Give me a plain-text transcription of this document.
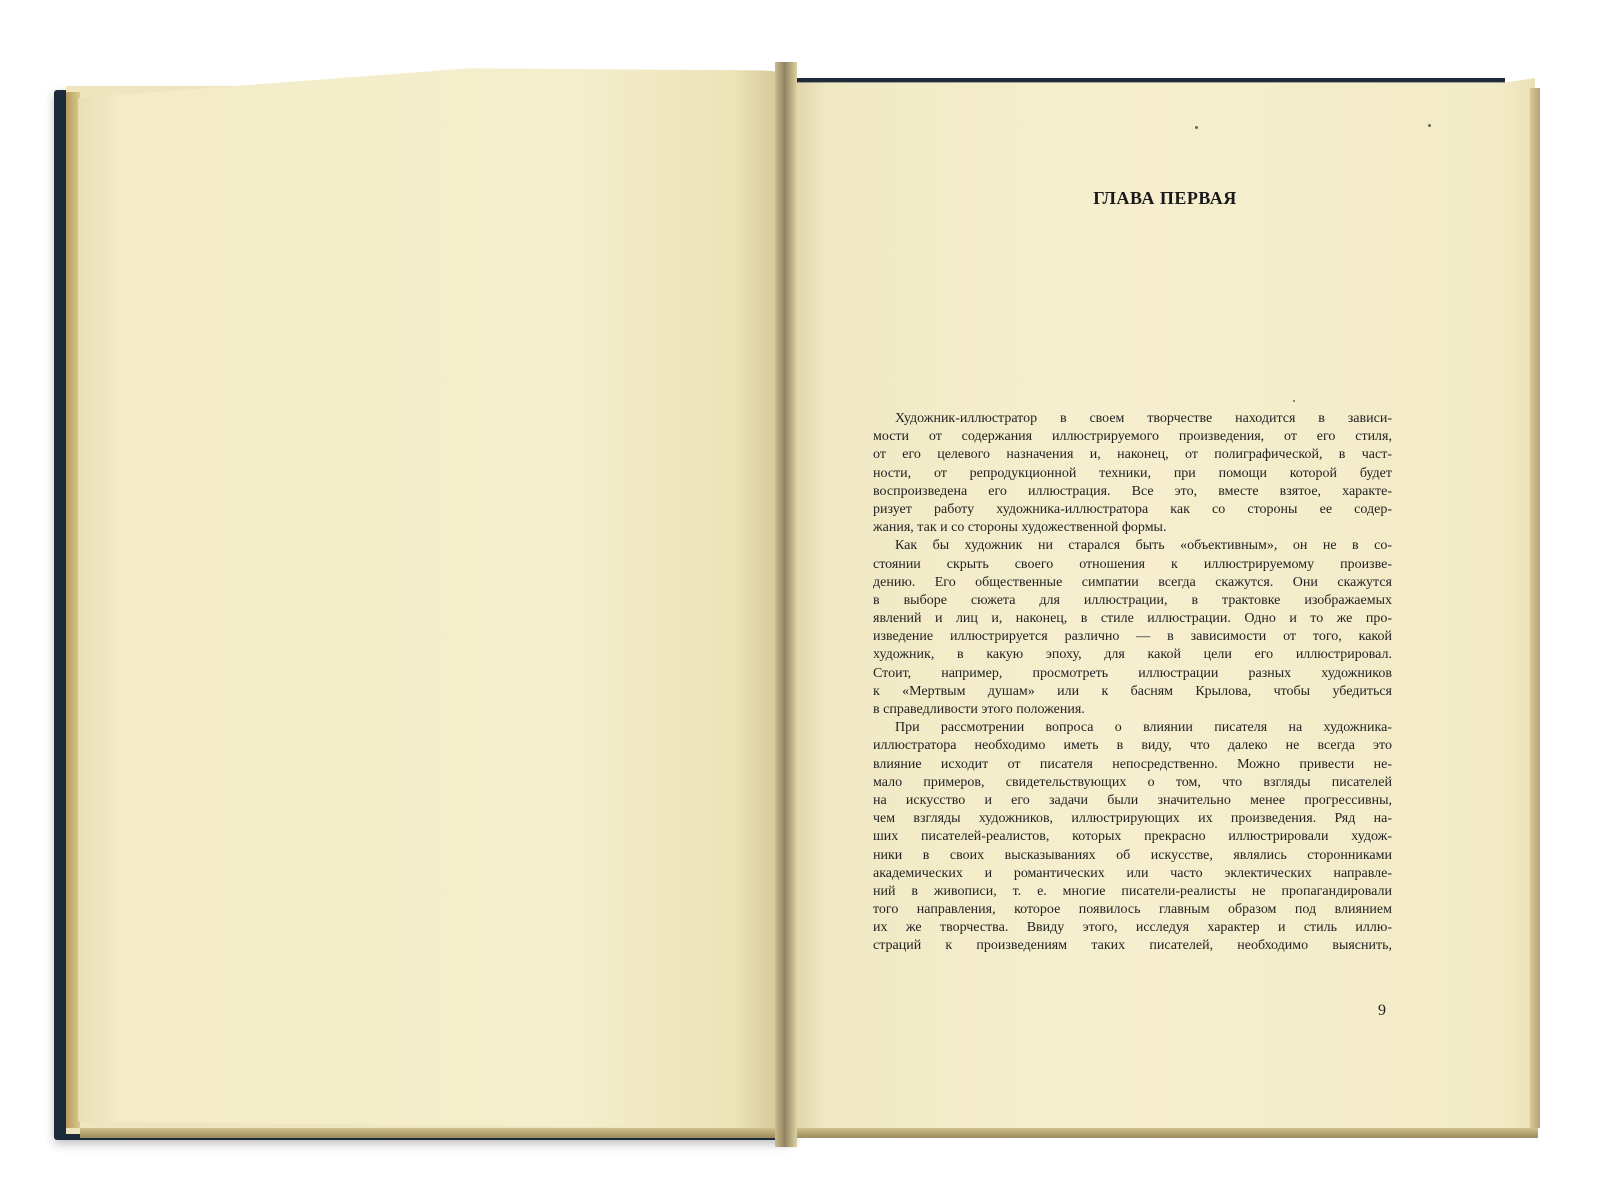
ГЛАВА ПЕРВАЯ
Художник-иллюстратор в своем творчестве находится в зависи-
мости от содержания иллюстрируемого произведения, от его стиля,
от его целевого назначения и, наконец, от полиграфической, в част-
ности, от репродукционной техники, при помощи которой будет
воспроизведена его иллюстрация. Все это, вместе взятое, характе-
ризует работу художника-иллюстратора как со стороны ее содер-
жания, так и со стороны художественной формы.
Как бы художник ни старался быть «объективным», он не в со-
стоянии скрыть своего отношения к иллюстрируемому произве-
дению. Его общественные симпатии всегда скажутся. Они скажутся
в выборе сюжета для иллюстрации, в трактовке изображаемых
явлений и лиц и, наконец, в стиле иллюстрации. Одно и то же про-
изведение иллюстрируется различно — в зависимости от того, какой
художник, в какую эпоху, для какой цели его иллюстрировал.
Стоит, например, просмотреть иллюстрации разных художников
к «Мертвым душам» или к басням Крылова, чтобы убедиться
в справедливости этого положения.
При рассмотрении вопроса о влиянии писателя на художника-
иллюстратора необходимо иметь в виду, что далеко не всегда это
влияние исходит от писателя непосредственно. Можно привести не-
мало примеров, свидетельствующих о том, что взгляды писателей
на искусство и его задачи были значительно менее прогрессивны,
чем взгляды художников, иллюстрирующих их произведения. Ряд на-
ших писателей-реалистов, которых прекрасно иллюстрировали худож-
ники в своих высказываниях об искусстве, являлись сторонниками
академических и романтических или часто эклектических направле-
ний в живописи, т. е. многие писатели-реалисты не пропагандировали
того направления, которое появилось главным образом под влиянием
их же творчества. Ввиду этого, исследуя характер и стиль иллю-
страций к произведениям таких писателей, необходимо выяснить,
9
